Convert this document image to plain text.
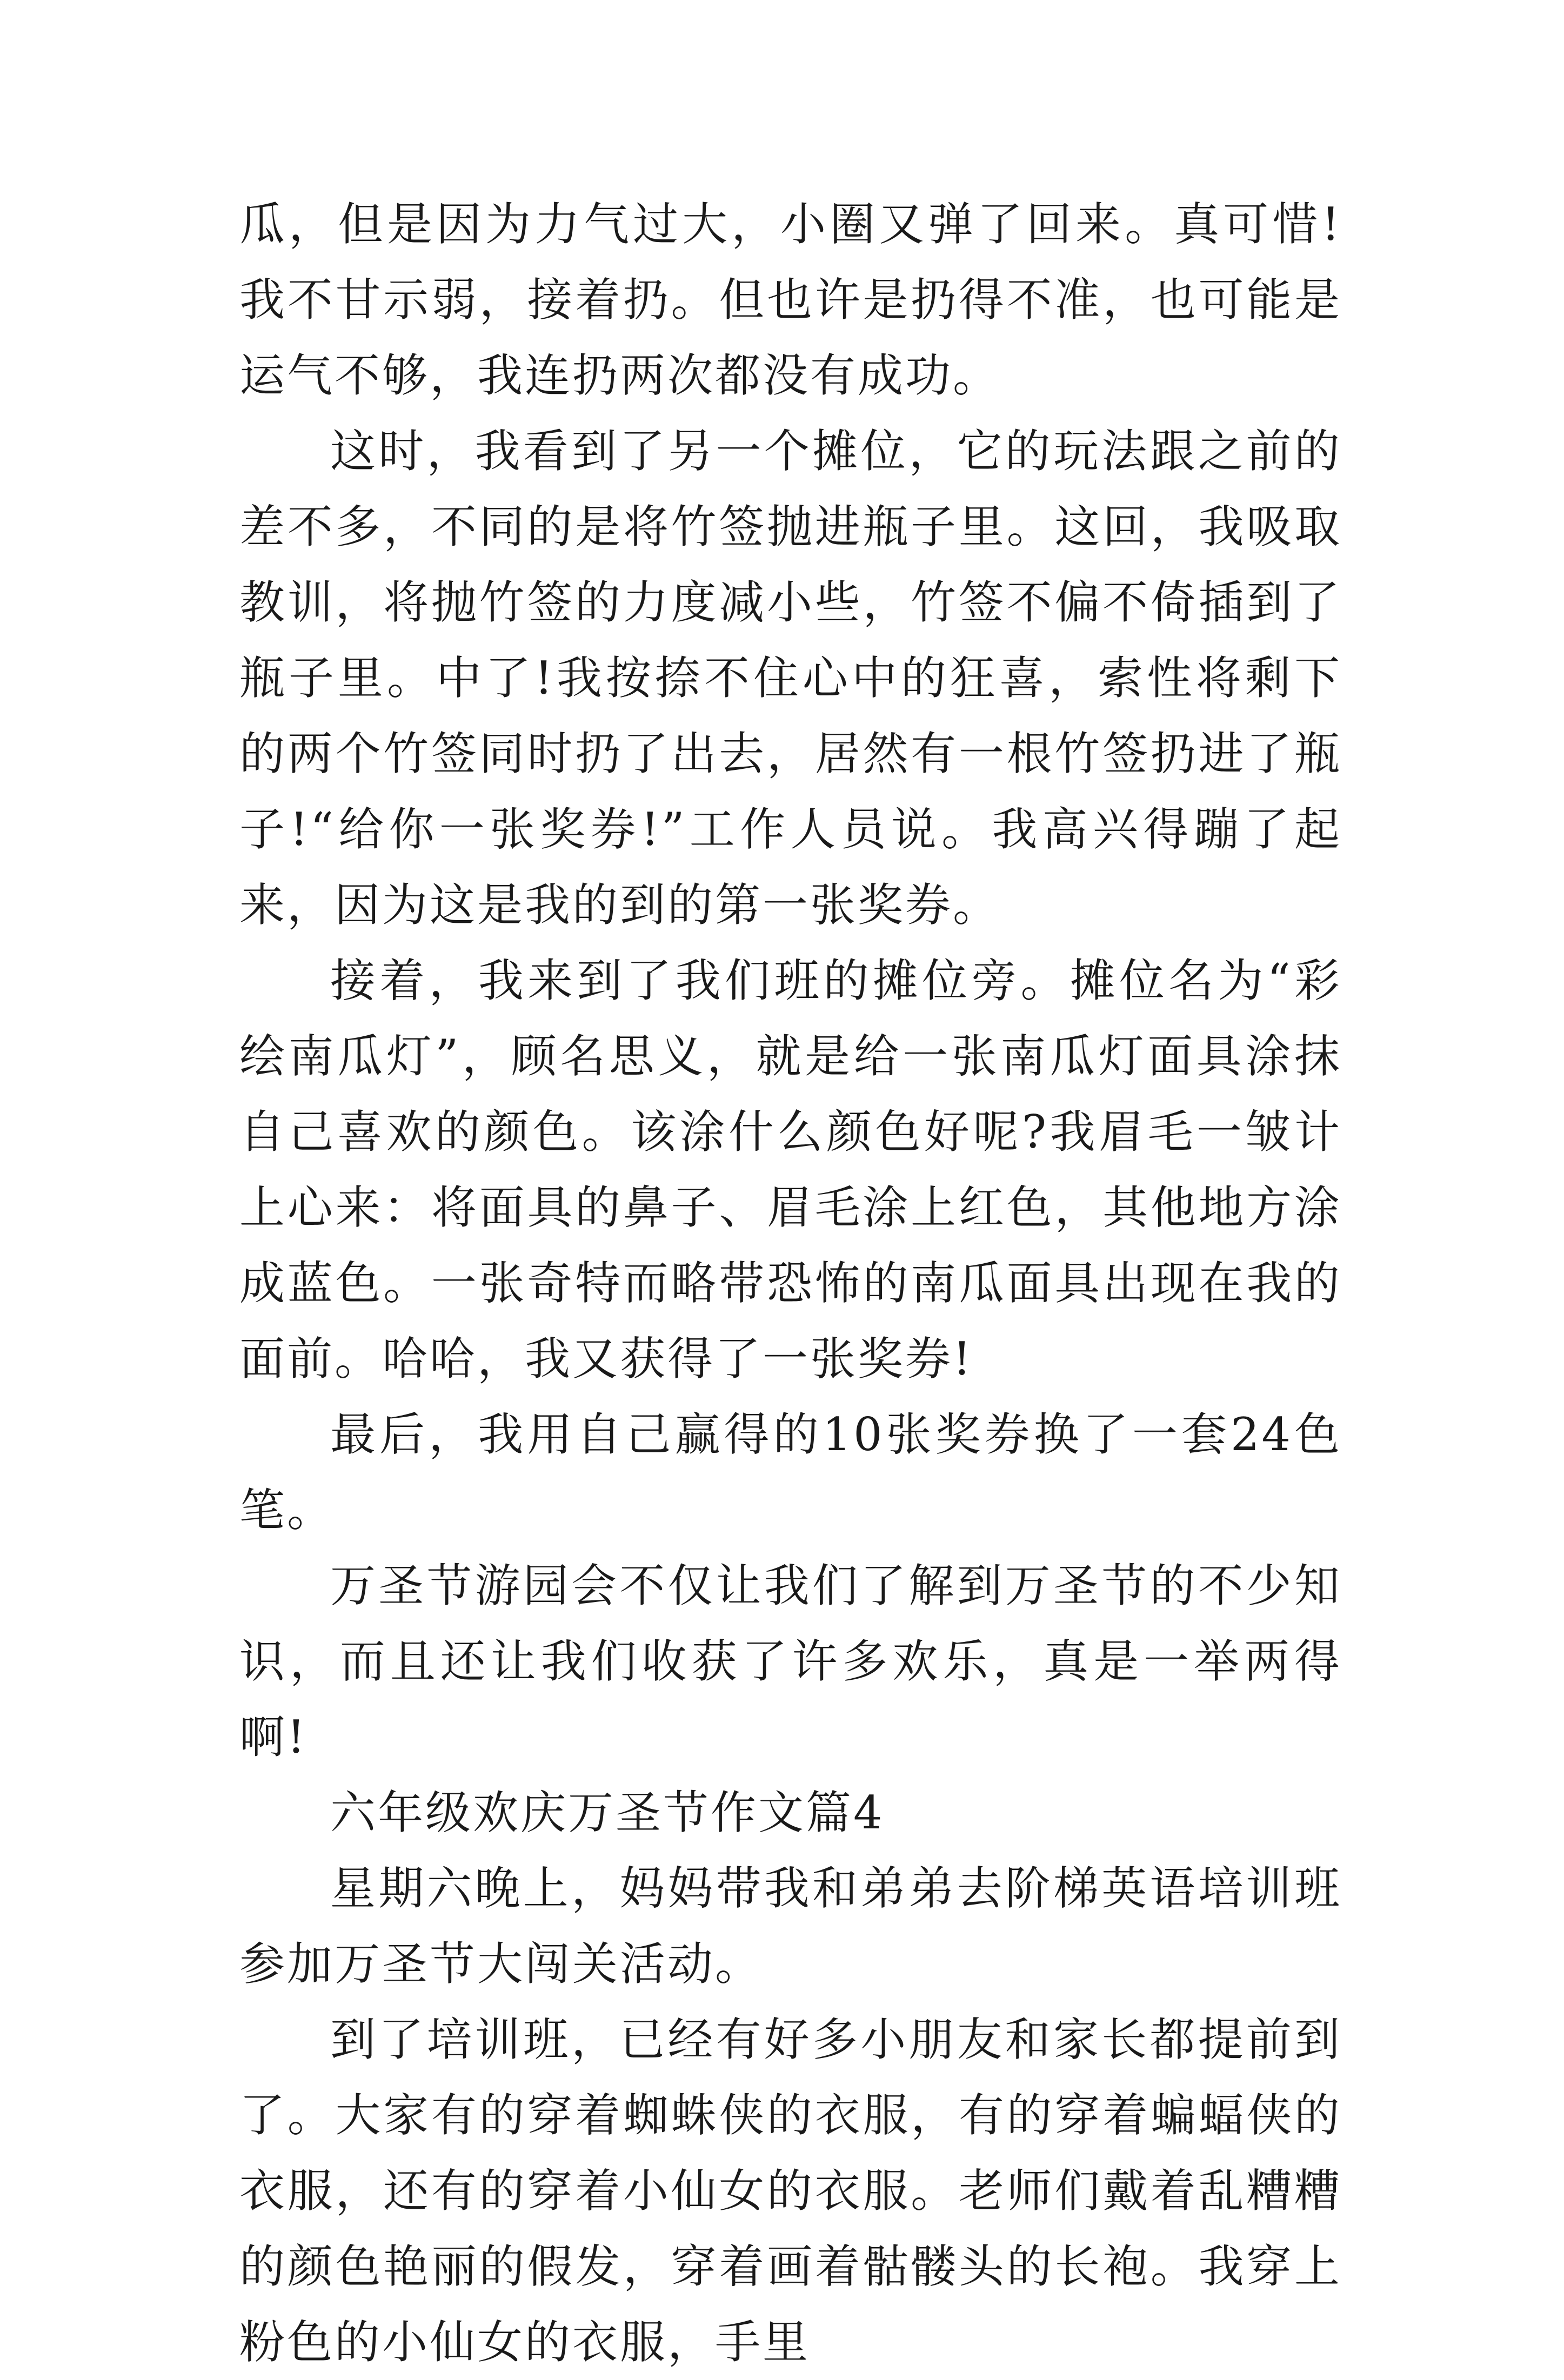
瓜，但是因为力气过大，小圈又弹了回来。真可惜!我不甘示弱，接着扔。但也许是扔得不准，也可能是运气不够，我连扔两次都没有成功。

这时，我看到了另一个摊位，它的玩法跟之前的差不多，不同的是将竹签抛进瓶子里。这回，我吸取教训，将抛竹签的力度减小些，竹签不偏不倚插到了瓶子里。中了!我按捺不住心中的狂喜，索性将剩下的两个竹签同时扔了出去，居然有一根竹签扔进了瓶子!“给你一张奖券!”工作人员说。我高兴得蹦了起来，因为这是我的到的第一张奖券。

接着，我来到了我们班的摊位旁。摊位名为“彩绘南瓜灯”，顾名思义，就是给一张南瓜灯面具涂抹自己喜欢的颜色。该涂什么颜色好呢?我眉毛一皱计上心来：将面具的鼻子、眉毛涂上红色，其他地方涂成蓝色。一张奇特而略带恐怖的南瓜面具出现在我的面前。哈哈，我又获得了一张奖券!

最后，我用自己赢得的10张奖券换了一套24色笔。

万圣节游园会不仅让我们了解到万圣节的不少知识，而且还让我们收获了许多欢乐，真是一举两得啊!

六年级欢庆万圣节作文篇4

星期六晚上，妈妈带我和弟弟去阶梯英语培训班参加万圣节大闯关活动。

到了培训班，已经有好多小朋友和家长都提前到了。大家有的穿着蜘蛛侠的衣服，有的穿着蝙蝠侠的衣服，还有的穿着小仙女的衣服。老师们戴着乱糟糟的颜色艳丽的假发，穿着画着骷髅头的长袍。我穿上粉色的小仙女的衣服，手里
